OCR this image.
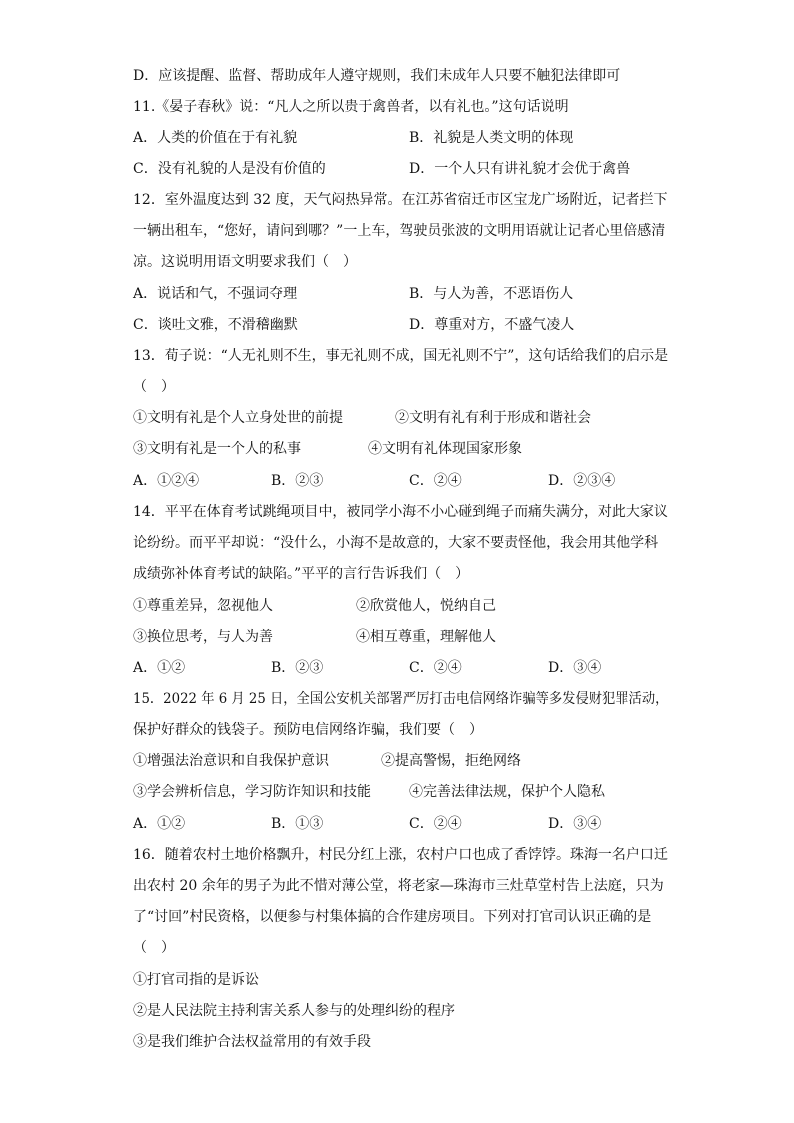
D．应该提醒、监督、帮助成年人遵守规则，我们未成年人只要不触犯法律即可
11.《晏子春秋》说：“凡人之所以贵于禽兽者，以有礼也。”这句话说明
A．人类的价值在于有礼貌	B．礼貌是人类文明的体现
C．没有礼貌的人是没有价值的	D．一个人只有讲礼貌才会优于禽兽
12．室外温度达到 32 度，天气闷热异常。在江苏省宿迁市区宝龙广场附近，记者拦下
一辆出租车，“您好，请问到哪？”一上车，驾驶员张波的文明用语就让记者心里倍感清
凉。这说明用语文明要求我们（　）
A．说话和气，不强词夺理	B．与人为善，不恶语伤人
C．谈吐文雅，不滑稽幽默	D．尊重对方，不盛气凌人
13．荀子说：“人无礼则不生，事无礼则不成，国无礼则不宁”，这句话给我们的启示是
（　）
①文明有礼是个人立身处世的前提	②文明有礼有利于形成和谐社会
③文明有礼是一个人的私事	④文明有礼体现国家形象
A．①②④	B．②③	C．②④	D．②③④
14．平平在体育考试跳绳项目中，被同学小海不小心碰到绳子而痛失满分，对此大家议
论纷纷。而平平却说：“没什么，小海不是故意的，大家不要责怪他，我会用其他学科
成绩弥补体育考试的缺陷。”平平的言行告诉我们（　）
①尊重差异，忽视他人	②欣赏他人，悦纳自己
③换位思考，与人为善	④相互尊重，理解他人
A．①②	B．②③	C．②④	D．③④
15．2022 年 6 月 25 日，全国公安机关部署严厉打击电信网络诈骗等多发侵财犯罪活动，
保护好群众的钱袋子。预防电信网络诈骗，我们要（　）
①增强法治意识和自我保护意识	②提高警惕，拒绝网络
③学会辨析信息，学习防诈知识和技能	④完善法律法规，保护个人隐私
A．①②	B．①③	C．②④	D．③④
16．随着农村土地价格飘升，村民分红上涨，农村户口也成了香饽饽。珠海一名户口迁
出农村 20 余年的男子为此不惜对薄公堂，将老家—珠海市三灶草堂村告上法庭，只为
了“讨回”村民资格，以便参与村集体搞的合作建房项目。下列对打官司认识正确的是
（　）
①打官司指的是诉讼
②是人民法院主持利害关系人参与的处理纠纷的程序
③是我们维护合法权益常用的有效手段
